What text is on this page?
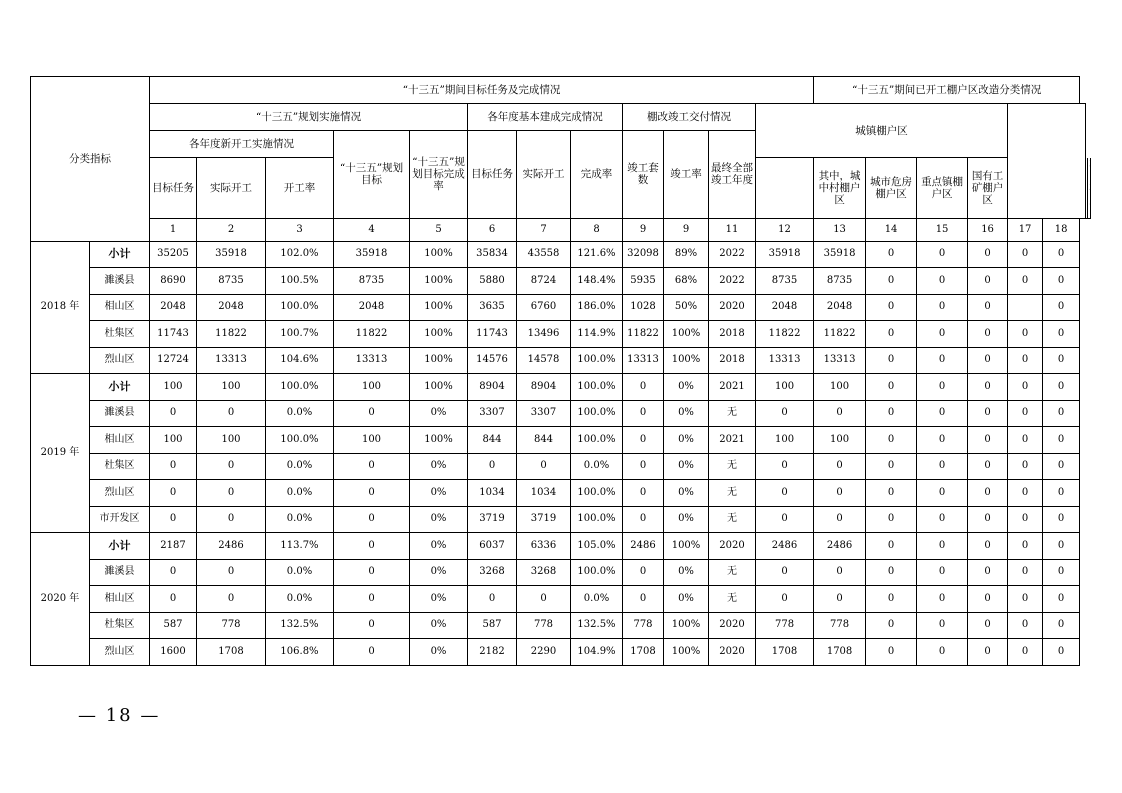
分类指标		“十三五”期间目标任务及完成情况												“十三五”期间已开工棚户区改造分类情况							
		“十三五”规划实施情况					各年度基本建成完成情况			棚改竣工交付情况			城镇棚户区								
		各年度新开工实施情况			“十三五”规划目标	“十三五”规划目标完成率	目标任务	实际开工	完成率	竣工套数	竣工率	最终全部竣工年度									
		目标任务	实际开工	开工率										其中，城中村棚户区	城市危房棚户区	重点镇棚户区	国有工矿棚户区		
		1	2	3	4	5	6	7	8	9	9	11	12	13	14	15	16	17	18		
2018 年	小计	35205	35918	102.0%	35918	100%	35834	43558	121.6%	32098	89%	2022	35918	35918	0	0	0	0	0		
	濉溪县	8690	8735	100.5%	8735	100%	5880	8724	148.4%	5935	68%	2022	8735	8735	0	0	0	0	0		
	相山区	2048	2048	100.0%	2048	100%	3635	6760	186.0%	1028	50%	2020	2048	2048	0	0	0		0		
	杜集区	11743	11822	100.7%	11822	100%	11743	13496	114.9%	11822	100%	2018	11822	11822	0	0	0	0	0		
	烈山区	12724	13313	104.6%	13313	100%	14576	14578	100.0%	13313	100%	2018	13313	13313	0	0	0	0	0		
2019 年	小计	100	100	100.0%	100	100%	8904	8904	100.0%	0	0%	2021	100	100	0	0	0	0	0		
	濉溪县	0	0	0.0%	0	0%	3307	3307	100.0%	0	0%	无	0	0	0	0	0	0	0		
	相山区	100	100	100.0%	100	100%	844	844	100.0%	0	0%	2021	100	100	0	0	0	0	0		
	杜集区	0	0	0.0%	0	0%	0	0	0.0%	0	0%	无	0	0	0	0	0	0	0		
	烈山区	0	0	0.0%	0	0%	1034	1034	100.0%	0	0%	无	0	0	0	0	0	0	0		
	市开发区	0	0	0.0%	0	0%	3719	3719	100.0%	0	0%	无	0	0	0	0	0	0	0		
2020 年	小计	2187	2486	113.7%	0	0%	6037	6336	105.0%	2486	100%	2020	2486	2486	0	0	0	0	0		
	濉溪县	0	0	0.0%	0	0%	3268	3268	100.0%	0	0%	无	0	0	0	0	0	0	0		
	相山区	0	0	0.0%	0	0%	0	0	0.0%	0	0%	无	0	0	0	0	0	0	0		
	杜集区	587	778	132.5%	0	0%	587	778	132.5%	778	100%	2020	778	778	0	0	0	0	0		
	烈山区	1600	1708	106.8%	0	0%	2182	2290	104.9%	1708	100%	2020	1708	1708	0	0	0	0	0		
— 18 —
